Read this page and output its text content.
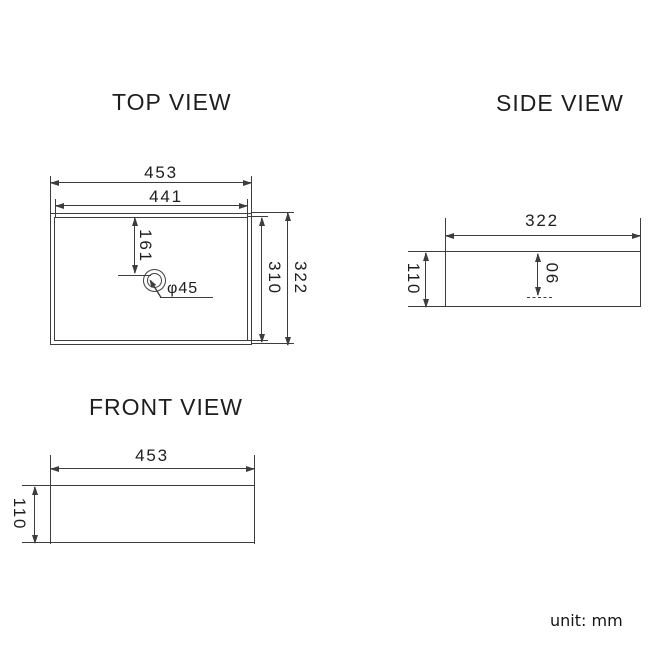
TOP VIEW
453
441
161
φ45	310 322
SIDE VIEW
322
110	90
FRONT VIEW
453
110
unit: mm
